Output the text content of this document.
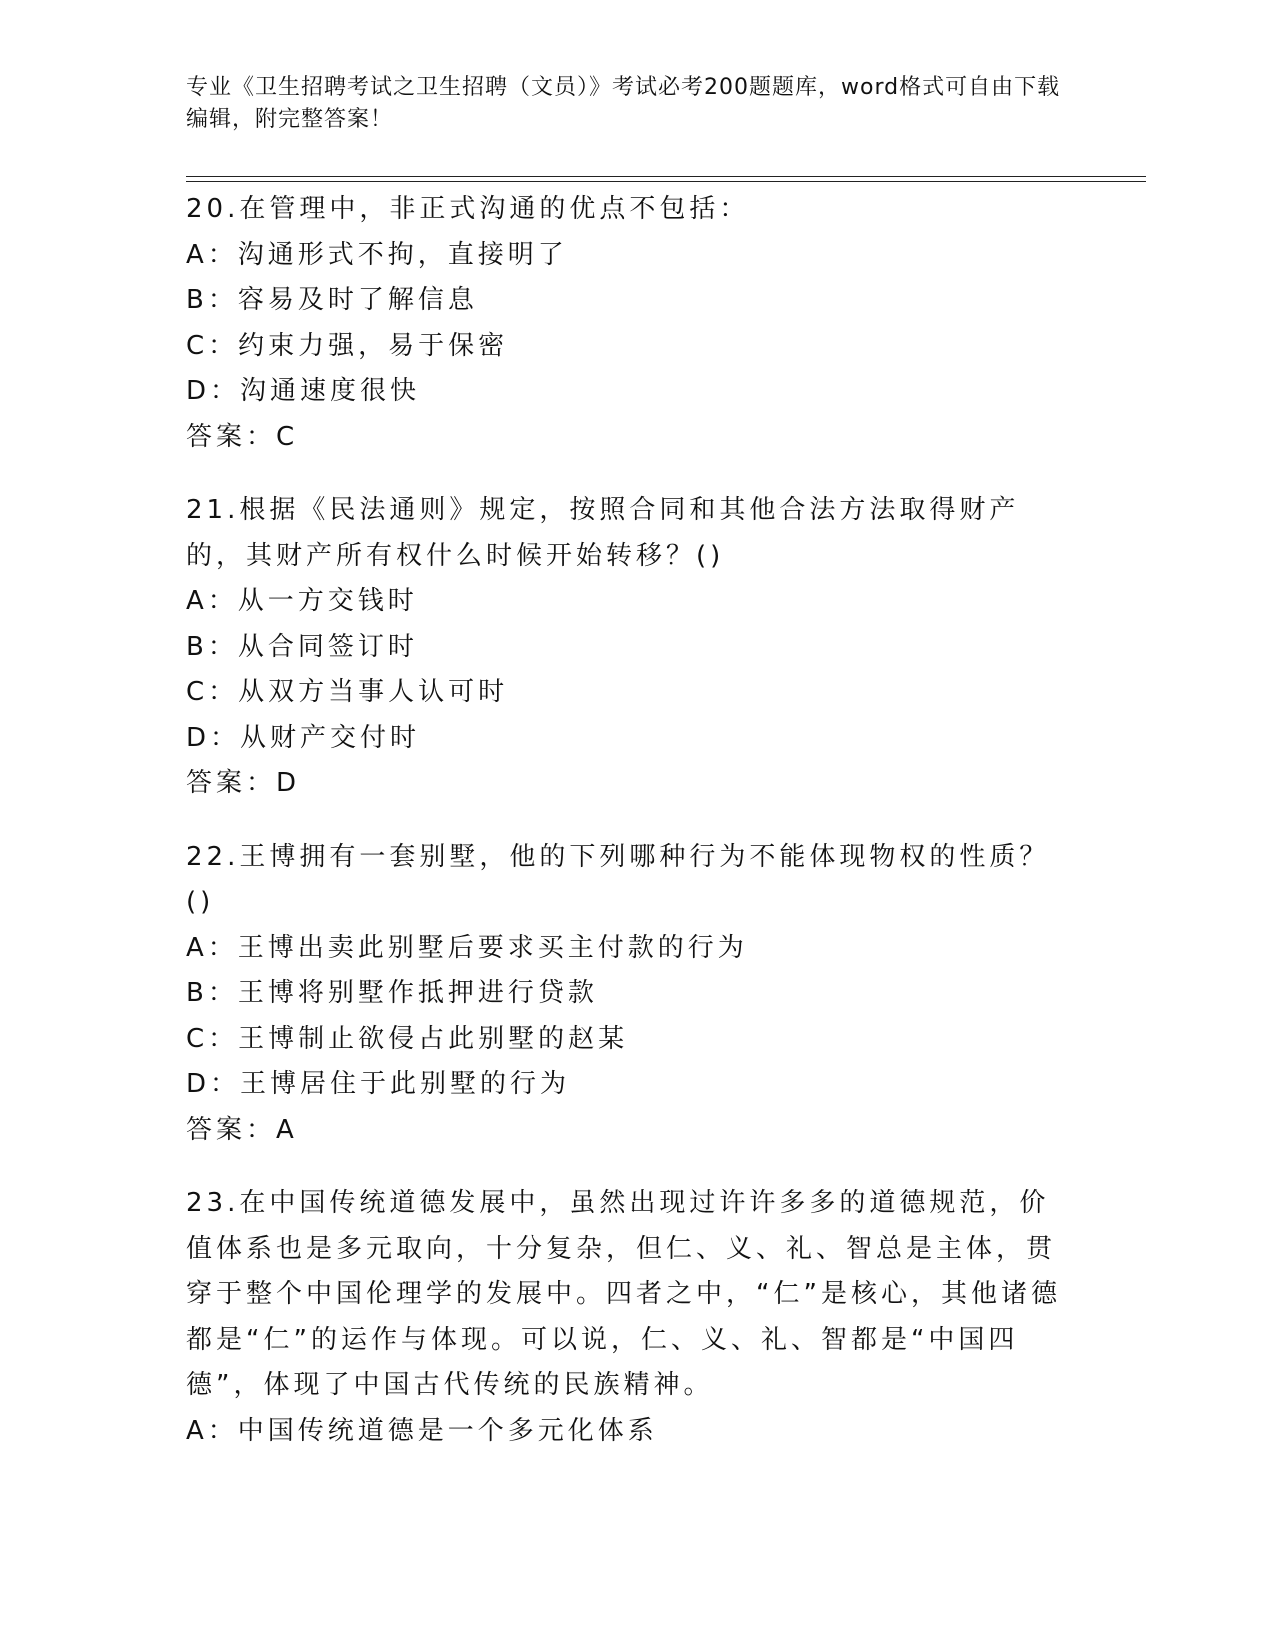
专业《卫生招聘考试之卫生招聘（文员）》考试必考200题题库，word格式可自由下载编辑，附完整答案！

20.在管理中，非正式沟通的优点不包括：

A：沟通形式不拘，直接明了

B：容易及时了解信息

C：约束力强，易于保密

D：沟通速度很快

答案：C

21.根据《民法通则》规定，按照合同和其他合法方法取得财产的，其财产所有权什么时候开始转移？()

A：从一方交钱时

B：从合同签订时

C：从双方当事人认可时

D：从财产交付时

答案：D

22.王博拥有一套别墅，他的下列哪种行为不能体现物权的性质？()

A：王博出卖此别墅后要求买主付款的行为

B：王博将别墅作抵押进行贷款

C：王博制止欲侵占此别墅的赵某

D：王博居住于此别墅的行为

答案：A

23.在中国传统道德发展中，虽然出现过许许多多的道德规范，价值体系也是多元取向，十分复杂，但仁、义、礼、智总是主体，贯穿于整个中国伦理学的发展中。四者之中，“仁”是核心，其他诸德都是“仁”的运作与体现。可以说，仁、义、礼、智都是“中国四德”，体现了中国古代传统的民族精神。

A：中国传统道德是一个多元化体系
